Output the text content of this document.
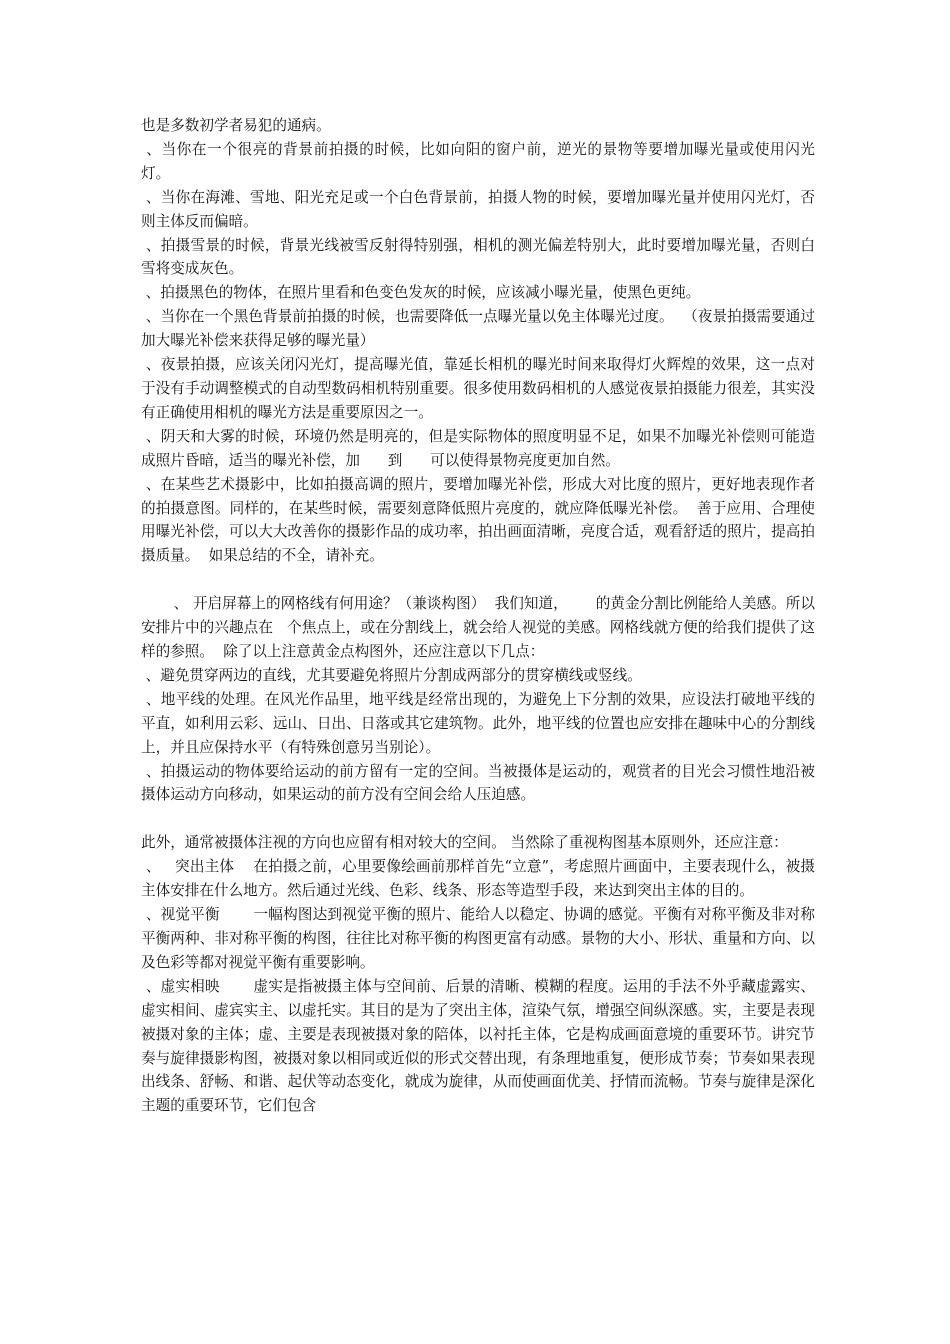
也是多数初学者易犯的通病。

、当你在一个很亮的背景前拍摄的时候，比如向阳的窗户前，逆光的景物等要增加曝光量或使用闪光灯。

、当你在海滩、雪地、阳光充足或一个白色背景前，拍摄人物的时候，要增加曝光量并使用闪光灯，否则主体反而偏暗。

、拍摄雪景的时候，背景光线被雪反射得特别强，相机的测光偏差特别大，此时要增加曝光量，否则白雪将变成灰色。

、拍摄黑色的物体，在照片里看和色变色发灰的时候，应该减小曝光量，使黑色更纯。

、当你在一个黑色背景前拍摄的时候，也需要降低一点曝光量以免主体曝光过度。  （夜景拍摄需要通过加大曝光补偿来获得足够的曝光量）

、夜景拍摄，应该关闭闪光灯，提高曝光值，靠延长相机的曝光时间来取得灯火辉煌的效果，这一点对于没有手动调整模式的自动型数码相机特别重要。很多使用数码相机的人感觉夜景拍摄能力很差，其实没有正确使用相机的曝光方法是重要原因之一。

、阴天和大雾的时候，环境仍然是明亮的，但是实际物体的照度明显不足，如果不加曝光补偿则可能造成照片昏暗，适当的曝光补偿，加      到      可以使得景物亮度更加自然。

、在某些艺术摄影中，比如拍摄高调的照片，要增加曝光补偿，形成大对比度的照片，更好地表现作者的拍摄意图。同样的，在某些时候，需要刻意降低照片亮度的，就应降低曝光补偿。  善于应用、合理使用曝光补偿，可以大大改善你的摄影作品的成功率，拍出画面清晰，亮度合适，观看舒适的照片，提高拍摄质量。  如果总结的不全，请补充。

、 开启屏幕上的网格线有何用途？（兼谈构图）  我们知道，      的黄金分割比例能给人美感。所以安排片中的兴趣点在   个焦点上，或在分割线上，就会给人视觉的美感。网格线就方便的给我们提供了这样的参照。  除了以上注意黄金点构图外，还应注意以下几点：

、避免贯穿两边的直线，尤其要避免将照片分割成两部分的贯穿横线或竖线。

、地平线的处理。在风光作品里，地平线是经常出现的，为避免上下分割的效果，应设法打破地平线的平直，如利用云彩、远山、日出、日落或其它建筑物。此外，地平线的位置也应安排在趣味中心的分割线上，并且应保持水平（有特殊创意另当别论）。

、拍摄运动的物体要给运动的前方留有一定的空间。当被摄体是运动的，观赏者的目光会习惯性地沿被摄体运动方向移动，如果运动的前方没有空间会给人压迫感。

此外，通常被摄体注视的方向也应留有相对较大的空间。 当然除了重视构图基本原则外，还应注意：

、   突出主体    在拍摄之前，心里要像绘画前那样首先“立意”，考虑照片画面中，主要表现什么，被摄主体安排在什么地方。然后通过光线、色彩、线条、形态等造型手段，来达到突出主体的目的。

、视觉平衡       一幅构图达到视觉平衡的照片、能给人以稳定、协调的感觉。平衡有对称平衡及非对称平衡两种、非对称平衡的构图，往往比对称平衡的构图更富有动感。景物的大小、形状、重量和方向、以及色彩等都对视觉平衡有重要影响。

、虚实相映       虚实是指被摄主体与空间前、后景的清晰、模糊的程度。运用的手法不外乎藏虚露实、虚实相间、虚宾实主、以虚托实。其目的是为了突出主体，渲染气氛，增强空间纵深感。实，主要是表现被摄对象的主体；虚、主要是表现被摄对象的陪体，以衬托主体，它是构成画面意境的重要环节。讲究节奏与旋律摄影构图，被摄对象以相同或近似的形式交替出现，有条理地重复，便形成节奏；节奏如果表现出线条、舒畅、和谐、起伏等动态变化，就成为旋律，从而使画面优美、抒情而流畅。节奏与旋律是深化主题的重要环节，它们包含
